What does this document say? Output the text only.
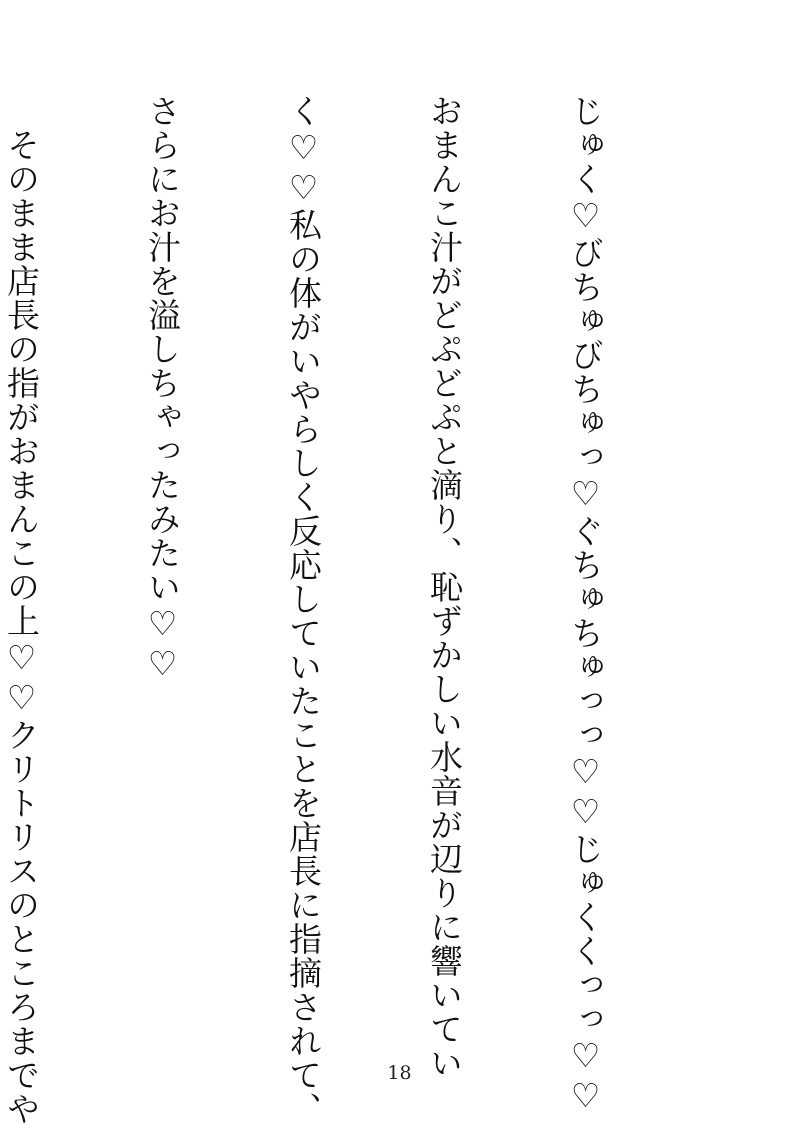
じゅく♡びちゅびちゅっ♡ぐちゅちゅっっ♡♡じゅくくっっ♡♡

おまんこ汁がどぷどぷと滴り、恥ずかしい水音が辺りに響いてい

く♡♡私の体がいやらしく反応していたことを店長に指摘されて、

さらにお汁を溢しちゃったみたい♡♡

　そのまま店長の指がおまんこの上♡♡クリトリスのところまでや

	18
